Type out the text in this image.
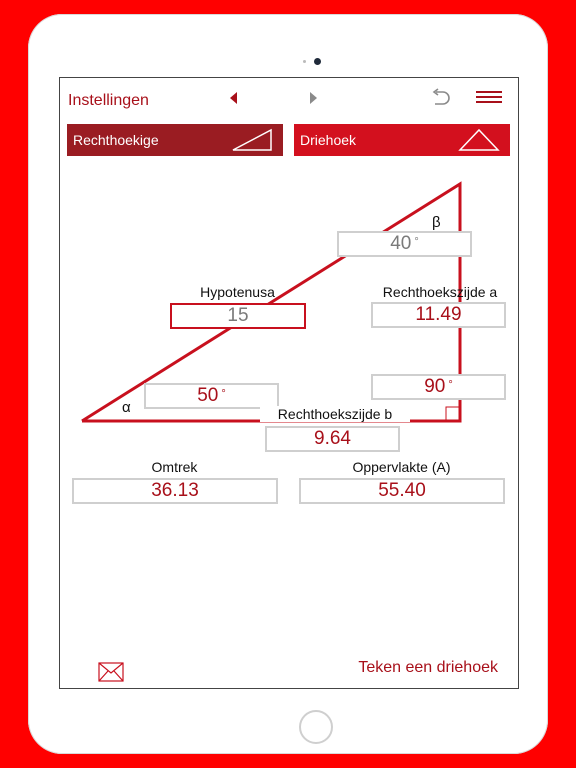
Instellingen
Rechthoekige	Driehoek
β
α
40 °
Hypotenusa
15
Rechthoekszijde a
11.49
50 °	90 °
Rechthoekszijde b
9.64
Omtrek
36.13
Oppervlakte (A)
55.40
Teken een driehoek
